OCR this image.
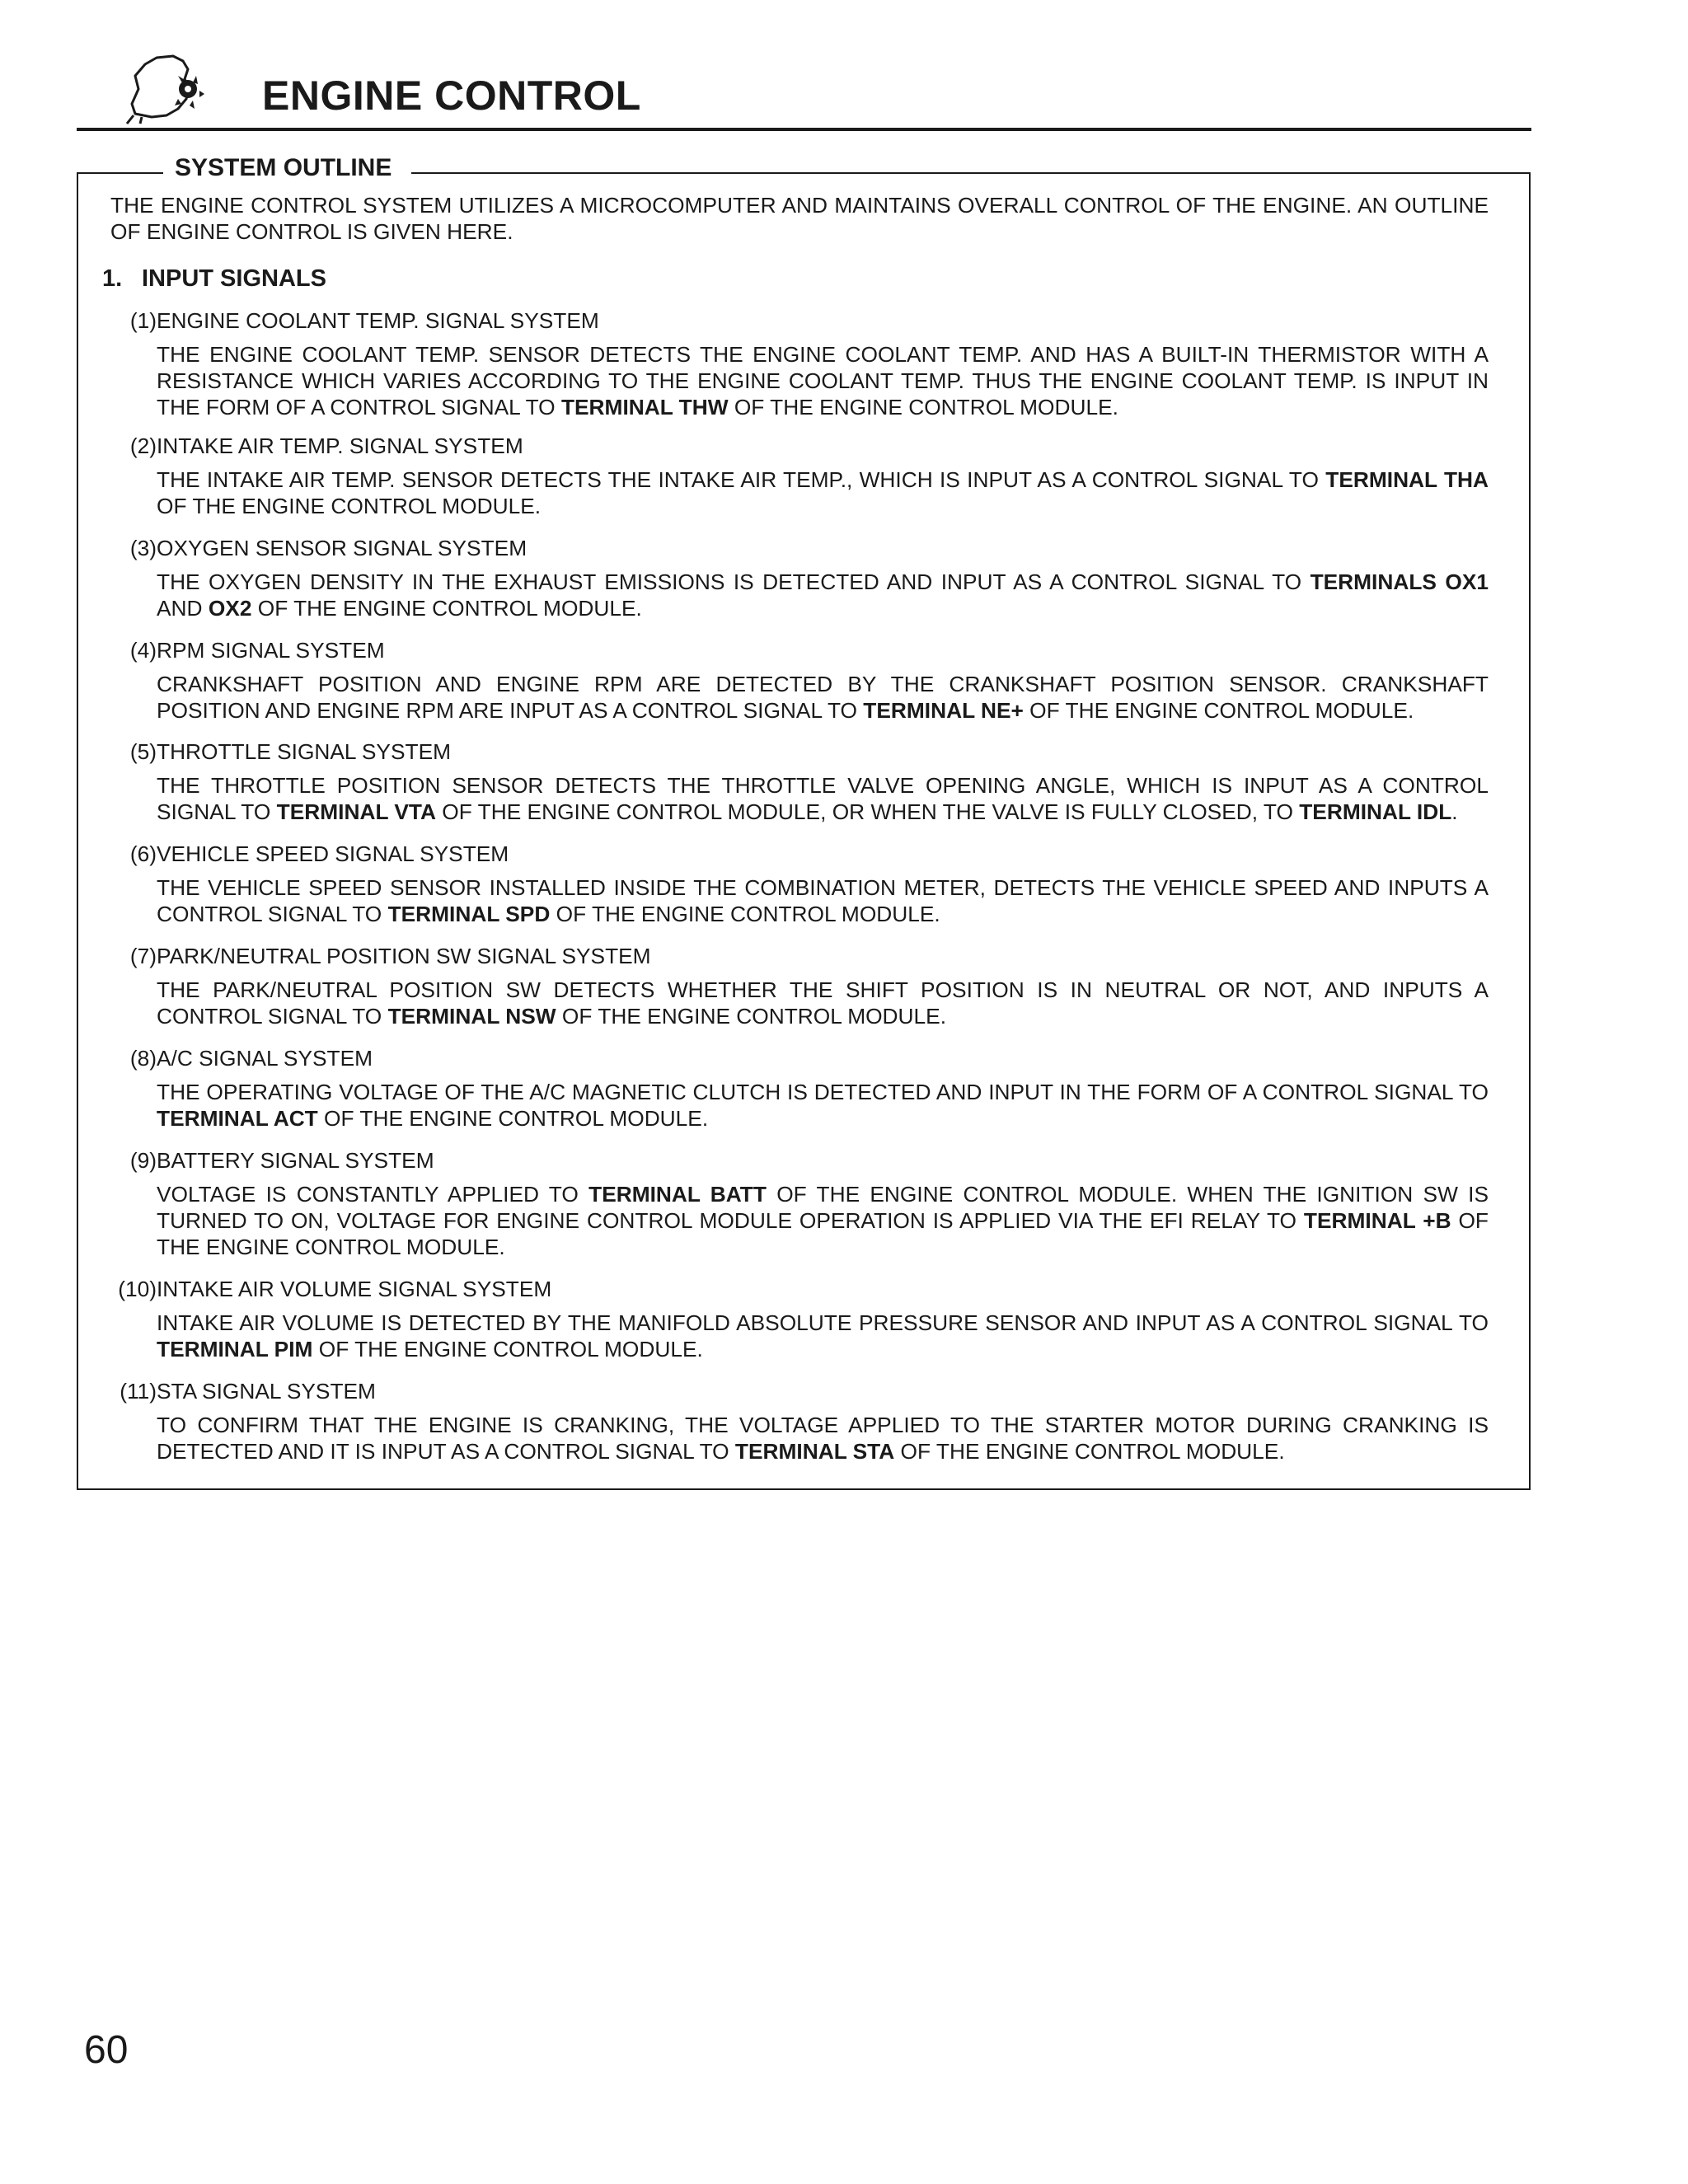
ENGINE CONTROL
SYSTEM OUTLINE
THE ENGINE CONTROL SYSTEM UTILIZES A MICROCOMPUTER AND MAINTAINS OVERALL CONTROL OF THE ENGINE. AN OUTLINE OF ENGINE CONTROL IS GIVEN HERE.
1. INPUT SIGNALS
(1) ENGINE COOLANT TEMP. SIGNAL SYSTEM
THE ENGINE COOLANT TEMP. SENSOR DETECTS THE ENGINE COOLANT TEMP. AND HAS A BUILT-IN THERMISTOR WITH A RESISTANCE WHICH VARIES ACCORDING TO THE ENGINE COOLANT TEMP. THUS THE ENGINE COOLANT TEMP. IS INPUT IN THE FORM OF A CONTROL SIGNAL TO TERMINAL THW OF THE ENGINE CONTROL MODULE.
(2) INTAKE AIR TEMP. SIGNAL SYSTEM
THE INTAKE AIR TEMP. SENSOR DETECTS THE INTAKE AIR TEMP., WHICH IS INPUT AS A CONTROL SIGNAL TO TERMINAL THA OF THE ENGINE CONTROL MODULE.
(3) OXYGEN SENSOR SIGNAL SYSTEM
THE OXYGEN DENSITY IN THE EXHAUST EMISSIONS IS DETECTED AND INPUT AS A CONTROL SIGNAL TO TERMINALS OX1 AND OX2 OF THE ENGINE CONTROL MODULE.
(4) RPM SIGNAL SYSTEM
CRANKSHAFT POSITION AND ENGINE RPM ARE DETECTED BY THE CRANKSHAFT POSITION SENSOR. CRANKSHAFT POSITION AND ENGINE RPM ARE INPUT AS A CONTROL SIGNAL TO TERMINAL NE+ OF THE ENGINE CONTROL MODULE.
(5) THROTTLE SIGNAL SYSTEM
THE THROTTLE POSITION SENSOR DETECTS THE THROTTLE VALVE OPENING ANGLE, WHICH IS INPUT AS A CONTROL SIGNAL TO TERMINAL VTA OF THE ENGINE CONTROL MODULE, OR WHEN THE VALVE IS FULLY CLOSED, TO TERMINAL IDL.
(6) VEHICLE SPEED SIGNAL SYSTEM
THE VEHICLE SPEED SENSOR INSTALLED INSIDE THE COMBINATION METER, DETECTS THE VEHICLE SPEED AND INPUTS A CONTROL SIGNAL TO TERMINAL SPD OF THE ENGINE CONTROL MODULE.
(7) PARK/NEUTRAL POSITION SW SIGNAL SYSTEM
THE PARK/NEUTRAL POSITION SW DETECTS WHETHER THE SHIFT POSITION IS IN NEUTRAL OR NOT, AND INPUTS A CONTROL SIGNAL TO TERMINAL NSW OF THE ENGINE CONTROL MODULE.
(8) A/C SIGNAL SYSTEM
THE OPERATING VOLTAGE OF THE A/C MAGNETIC CLUTCH IS DETECTED AND INPUT IN THE FORM OF A CONTROL SIGNAL TO TERMINAL ACT OF THE ENGINE CONTROL MODULE.
(9) BATTERY SIGNAL SYSTEM
VOLTAGE IS CONSTANTLY APPLIED TO TERMINAL BATT OF THE ENGINE CONTROL MODULE. WHEN THE IGNITION SW IS TURNED TO ON, VOLTAGE FOR ENGINE CONTROL MODULE OPERATION IS APPLIED VIA THE EFI RELAY TO TERMINAL +B OF THE ENGINE CONTROL MODULE.
(10) INTAKE AIR VOLUME SIGNAL SYSTEM
INTAKE AIR VOLUME IS DETECTED BY THE MANIFOLD ABSOLUTE PRESSURE SENSOR AND INPUT AS A CONTROL SIGNAL TO TERMINAL PIM OF THE ENGINE CONTROL MODULE.
(11) STA SIGNAL SYSTEM
TO CONFIRM THAT THE ENGINE IS CRANKING, THE VOLTAGE APPLIED TO THE STARTER MOTOR DURING CRANKING IS DETECTED AND IT IS INPUT AS A CONTROL SIGNAL TO TERMINAL STA OF THE ENGINE CONTROL MODULE.
60
